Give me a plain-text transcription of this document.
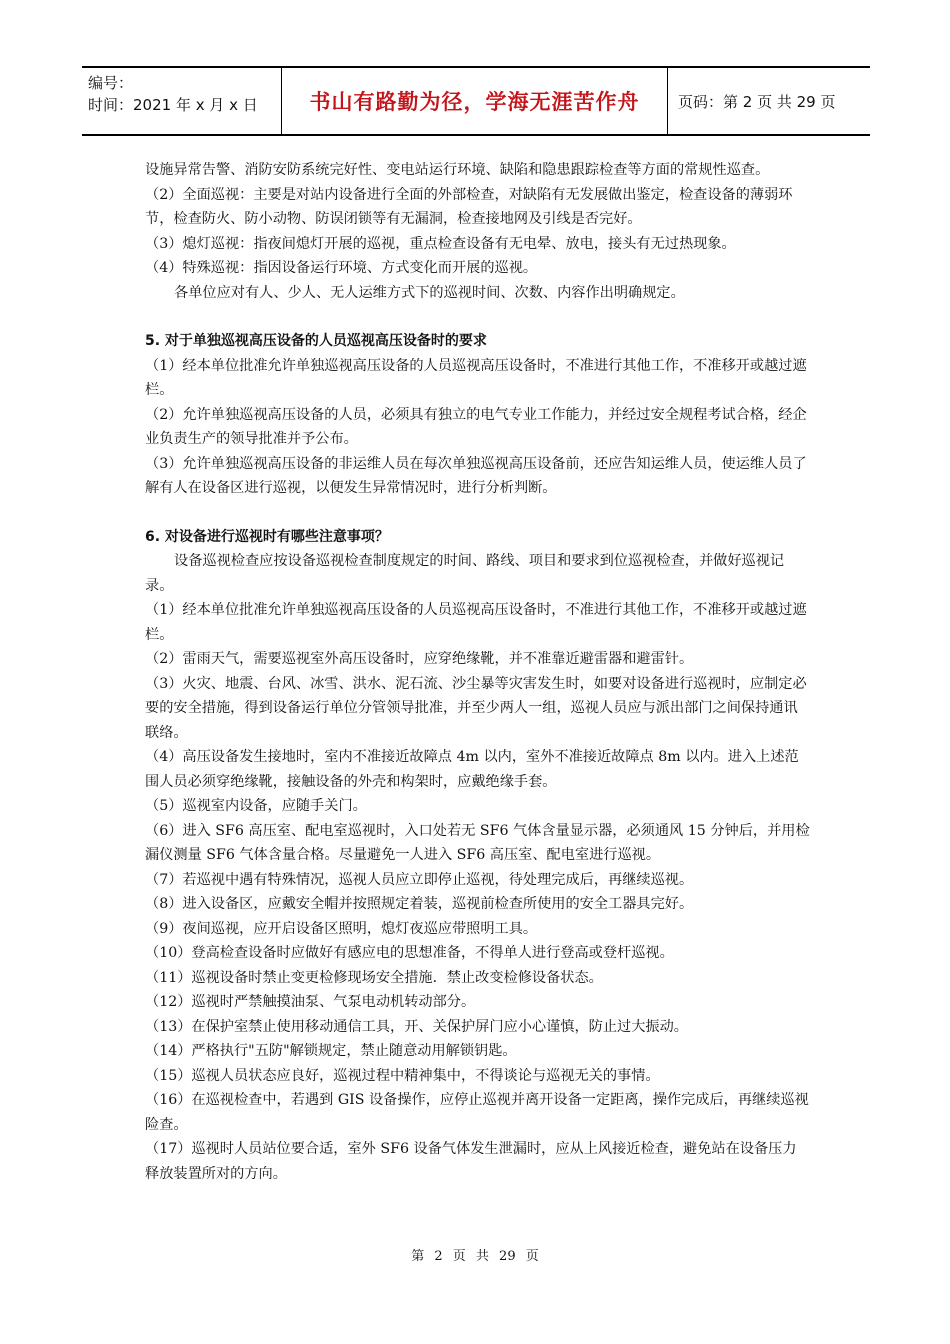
编号：
时间：2021 年 x 月 x 日	书山有路勤为径，学海无涯苦作舟	页码：第 2 页 共 29 页

设施异常告警、消防安防系统完好性、变电站运行环境、缺陷和隐患跟踪检查等方面的常规性巡查。

（2）全面巡视：主要是对站内设备进行全面的外部检查，对缺陷有无发展做出鉴定，检查设备的薄弱环节，检查防火、防小动物、防误闭锁等有无漏洞，检查接地网及引线是否完好。

（3）熄灯巡视：指夜间熄灯开展的巡视，重点检查设备有无电晕、放电，接头有无过热现象。

（4）特殊巡视：指因设备运行环境、方式变化而开展的巡视。

各单位应对有人、少人、无人运维方式下的巡视时间、次数、内容作出明确规定。

5. 对于单独巡视高压设备的人员巡视高压设备时的要求

（1）经本单位批准允许单独巡视高压设备的人员巡视高压设备时，不准进行其他工作，不准移开或越过遮栏。

（2）允许单独巡视高压设备的人员，必须具有独立的电气专业工作能力，并经过安全规程考试合格，经企业负责生产的领导批准并予公布。

（3）允许单独巡视高压设备的非运维人员在每次单独巡视高压设备前，还应告知运维人员，使运维人员了解有人在设备区进行巡视，以便发生异常情况时，进行分析判断。

6. 对设备进行巡视时有哪些注意事项？

设备巡视检查应按设备巡视检查制度规定的时间、路线、项目和要求到位巡视检查，并做好巡视记录。

（1）经本单位批准允许单独巡视高压设备的人员巡视高压设备时，不准进行其他工作，不准移开或越过遮栏。

（2）雷雨天气，需要巡视室外高压设备时，应穿绝缘靴，并不准靠近避雷器和避雷针。

（3）火灾、地震、台风、冰雪、洪水、泥石流、沙尘暴等灾害发生时，如要对设备进行巡视时，应制定必要的安全措施，得到设备运行单位分管领导批准，并至少两人一组，巡视人员应与派出部门之间保持通讯联络。

（4）高压设备发生接地时，室内不准接近故障点 4m 以内，室外不准接近故障点 8m 以内。进入上述范围人员必须穿绝缘靴，接触设备的外壳和构架时，应戴绝缘手套。

（5）巡视室内设备，应随手关门。

（6）进入 SF6 高压室、配电室巡视时，入口处若无 SF6 气体含量显示器，必须通风 15 分钟后，并用检漏仪测量 SF6 气体含量合格。尽量避免一人进入 SF6 高压室、配电室进行巡视。

（7）若巡视中遇有特殊情况，巡视人员应立即停止巡视，待处理完成后，再继续巡视。

（8）进入设备区，应戴安全帽并按照规定着装，巡视前检查所使用的安全工器具完好。

（9）夜间巡视，应开启设备区照明，熄灯夜巡应带照明工具。

（10）登高检查设备时应做好有感应电的思想准备，不得单人进行登高或登杆巡视。

（11）巡视设备时禁止变更检修现场安全措施．禁止改变检修设备状态。

（12）巡视时严禁触摸油泵、气泵电动机转动部分。

（13）在保护室禁止使用移动通信工具，开、关保护屏门应小心谨慎，防止过大振动。

（14）严格执行"五防"解锁规定，禁止随意动用解锁钥匙。

（15）巡视人员状态应良好，巡视过程中精神集中，不得谈论与巡视无关的事情。

（16）在巡视检查中，若遇到 GIS 设备操作，应停止巡视并离开设备一定距离，操作完成后，再继续巡视险查。

（17）巡视时人员站位要合适，室外 SF6 设备气体发生泄漏时，应从上风接近检查，避免站在设备压力释放装置所对的方向。

第 2 页 共 29 页
